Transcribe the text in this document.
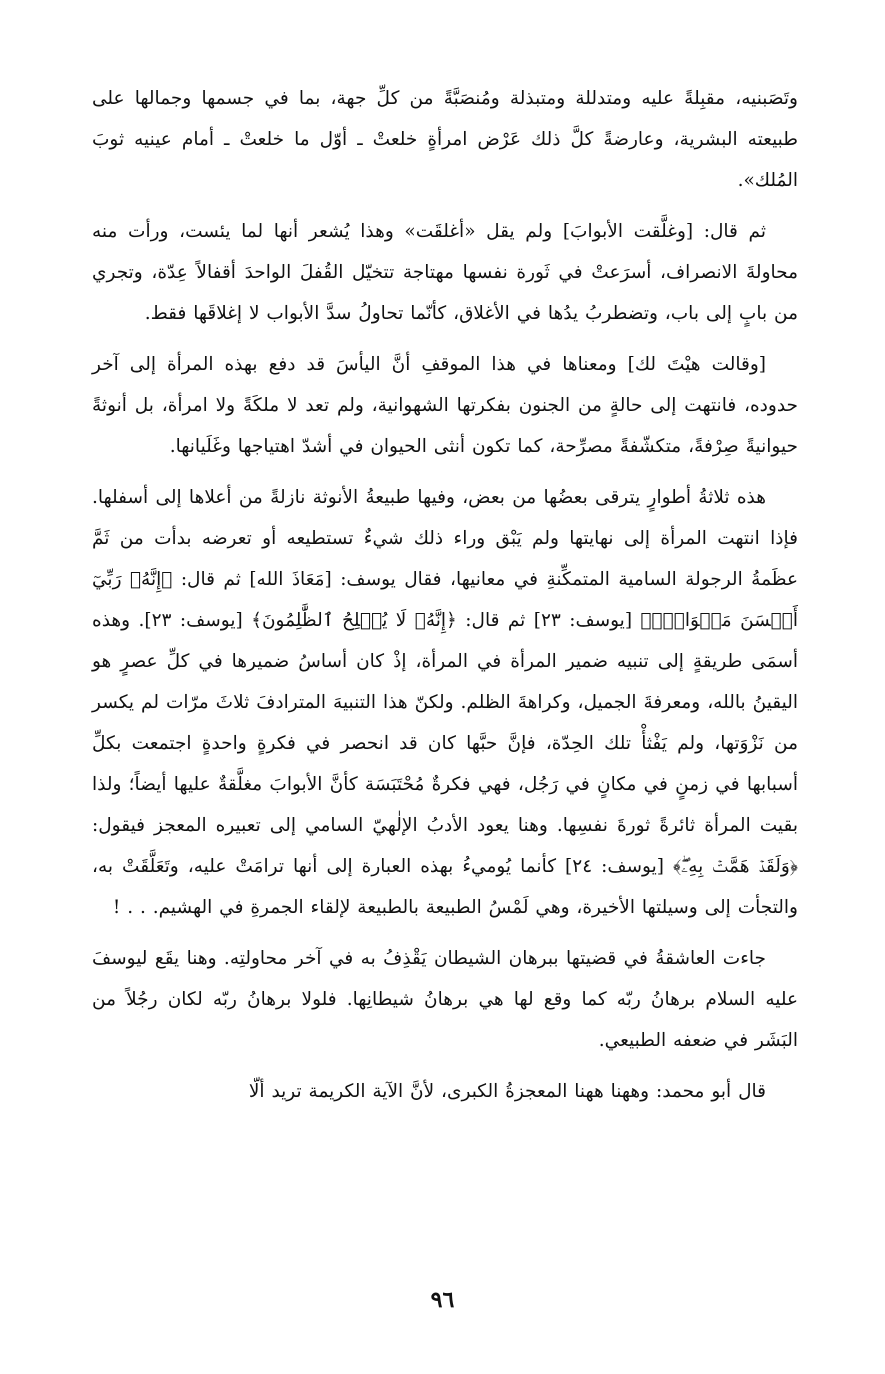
وتَصَبنيه، مقبِلةً عليه ومتدللة ومتبذلة ومُنصَبَّةً من كلِّ جهة، بما في جسمها وجمالها على طبيعته البشرية، وعارضةً كلَّ ذلك عَرْض امرأةٍ خلعتْ ـ أوّل ما خلعتْ ـ أمام عينيه ثوبَ المُلك».

ثم قال: [وغلَّقت الأبوابَ] ولم يقل «أغلقَت» وهذا يُشعر أنها لما يئست، ورأت منه محاولةَ الانصراف، أسرَعتْ في ثَورة نفسها مهتاجة تتخيّل القُفلَ الواحدَ أقفالاً عِدّة، وتجري من بابٍ إلى باب، وتضطربُ يدُها في الأغلاق، كأنّما تحاولُ سدَّ الأبواب لا إغلاقَها فقط.

[وقالت هيْتَ لك] ومعناها في هذا الموقفِ أنَّ اليأسَ قد دفع بهذه المرأة إلى آخر حدوده، فانتهت إلى حالةٍ من الجنون بفكرتها الشهوانية، ولم تعد لا ملكَةً ولا امرأة، بل أنوثةً حيوانيةً صِرْفةً، متكشّفةً مصرِّحة، كما تكون أنثى الحيوان في أشدّ اهتياجها وغَلَيانها.

هذه ثلاثةُ أطوارٍ يترقى بعضُها من بعض، وفيها طبيعةُ الأنوثة نازلةً من أعلاها إلى أسفلها. فإذا انتهت المرأة إلى نهايتها ولم يَبْق وراء ذلك شيءٌ تستطيعه أو تعرضه بدأت من ثَمَّ عظَمةُ الرجولة السامية المتمكِّنةِ في معانيها، فقال يوسف: [مَعَاذَ الله] ثم قال: ﴿إِنَّهُۥ رَبِّيٓ أَحۡسَنَ مَثۡوَايَۖ﴾ [يوسف: ٢٣] ثم قال: ﴿إِنَّهُۥ لَا يُفۡلِحُ ٱلظَّٰلِمُونَ﴾ [يوسف: ٢٣]. وهذه أسمَى طريقةٍ إلى تنبيه ضمير المرأة في المرأة، إذْ كان أساسُ ضميرها في كلِّ عصرٍ هو اليقينُ بالله، ومعرفةَ الجميل، وكراهةَ الظلم. ولكنّ هذا التنبيهَ المترادفَ ثلاثَ مرّات لم يكسر من نَزْوَتها، ولم يَفْثأْ تلك الحِدّة، فإنَّ حبَّها كان قد انحصر في فكرةٍ واحدةٍ اجتمعت بكلِّ أسبابها في زمنٍ في مكانٍ في رَجُل، فهي فكرةٌ مُحْتَبَسَة كأنَّ الأبوابَ مغلَّقةٌ عليها أيضاً؛ ولذا بقيت المرأة ثائرةً ثورةَ نفسِها. وهنا يعود الأدبُ الإلٰهيّ السامي إلى تعبيره المعجز فيقول: ﴿وَلَقَدۡ هَمَّتۡ بِهِۦۖ﴾ [يوسف: ٢٤] كأنما يُوميءُ بهذه العبارة إلى أنها ترامَتْ عليه، وتَعَلَّقَتْ به، والتجأت إلى وسيلتها الأخيرة، وهي لَمْسُ الطبيعة بالطبيعة لإلقاء الجمرةِ في الهشيم. . . !

جاءت العاشقةُ في قضيتها ببرهان الشيطان يَقْذِفُ به في آخر محاولتِه. وهنا يقَع ليوسفَ عليه السلام برهانُ ربّه كما وقع لها هي برهانُ شيطانِها. فلولا برهانُ ربّه لكان رجُلاً من البَشَر في ضعفه الطبيعي.

قال أبو محمد: وههنا ههنا المعجزةُ الكبرى، لأنَّ الآية الكريمة تريد ألّا

٩٦
